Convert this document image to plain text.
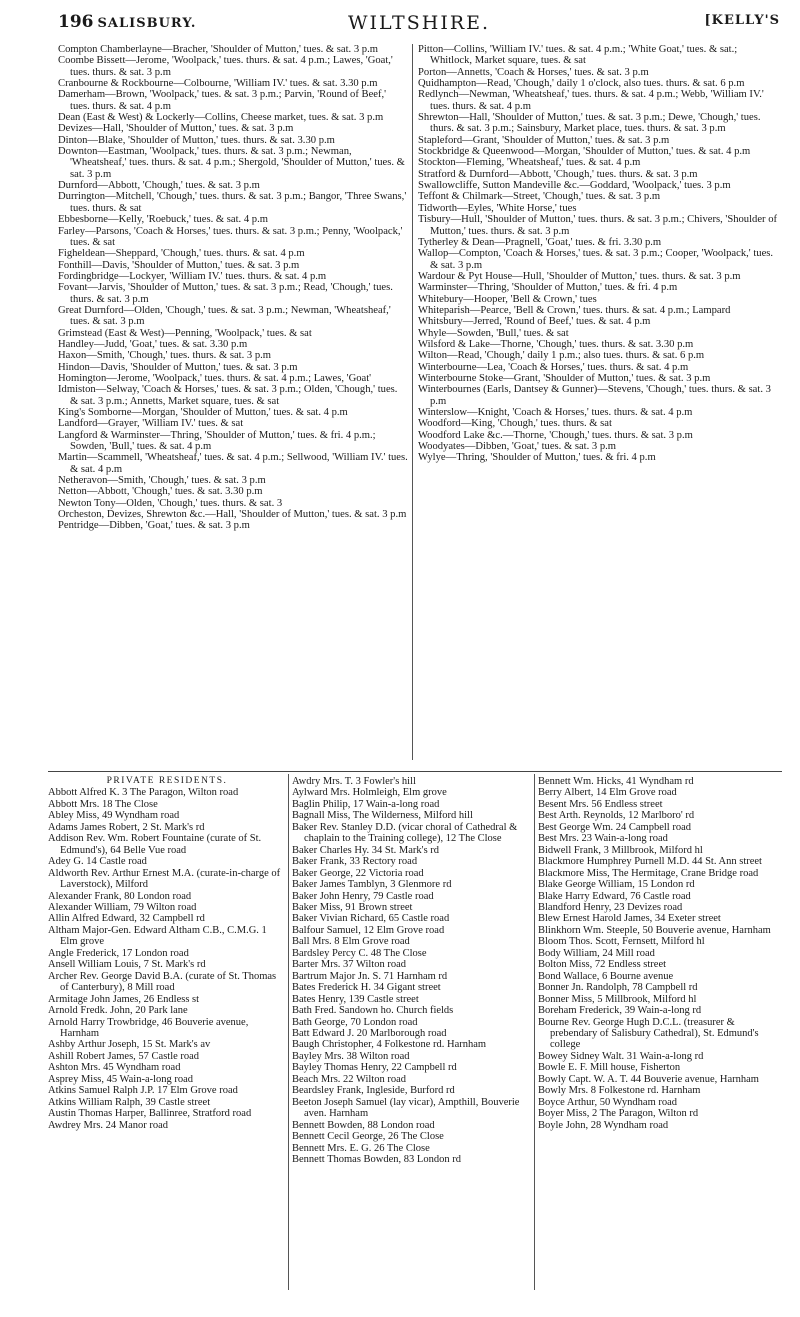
196 SALISBURY.	WILTSHIRE.	[KELLY'S
Compton Chamberlayne—Bracher, 'Shoulder of Mutton,' tues. & sat. 3 p.m
Coombe Bissett—Jerome, 'Woolpack,' tues. thurs. & sat. 4 p.m.; Lawes, 'Goat,' tues. thurs. & sat. 3 p.m
Cranbourne & Rockbourne—Colbourne, 'William IV.' tues. & sat. 3.30 p.m
Damerham—Brown, 'Woolpack,' tues. & sat. 3 p.m.; Parvin, 'Round of Beef,' tues. thurs. & sat. 4 p.m
Dean (East & West) & Lockerly—Collins, Cheese market, tues. & sat. 3 p.m
Devizes—Hall, 'Shoulder of Mutton,' tues. & sat. 3 p.m
Dinton—Blake, 'Shoulder of Mutton,' tues. thurs. & sat. 3.30 p.m
Downton—Eastman, 'Woolpack,' tues. thurs. & sat. 3 p.m.; Newman, 'Wheatsheaf,' tues. thurs. & sat. 4 p.m.; Shergold, 'Shoulder of Mutton,' tues. & sat. 3 p.m
Durnford—Abbott, 'Chough,' tues. & sat. 3 p.m
Durrington—Mitchell, 'Chough,' tues. thurs. & sat. 3 p.m.; Bangor, 'Three Swans,' tues. thurs. & sat
Ebbesborne—Kelly, 'Roebuck,' tues. & sat. 4 p.m
Farley—Parsons, 'Coach & Horses,' tues. thurs. & sat. 3 p.m.; Penny, 'Woolpack,' tues. & sat
Figheldean—Sheppard, 'Chough,' tues. thurs. & sat. 4 p.m
Fonthill—Davis, 'Shoulder of Mutton,' tues. & sat. 3 p.m
Fordingbridge—Lockyer, 'William IV.' tues. thurs. & sat. 4 p.m
Fovant—Jarvis, 'Shoulder of Mutton,' tues. & sat. 3 p.m.; Read, 'Chough,' tues. thurs. & sat. 3 p.m
Great Durnford—Olden, 'Chough,' tues. & sat. 3 p.m.; Newman, 'Wheatsheaf,' tues. & sat. 3 p.m
Grimstead (East & West)—Penning, 'Woolpack,' tues. & sat
Handley—Judd, 'Goat,' tues. & sat. 3.30 p.m
Haxon—Smith, 'Chough,' tues. thurs. & sat. 3 p.m
Hindon—Davis, 'Shoulder of Mutton,' tues. & sat. 3 p.m
Homington—Jerome, 'Woolpack,' tues. thurs. & sat. 4 p.m.; Lawes, 'Goat'
Idmiston—Selway, 'Coach & Horses,' tues. & sat. 3 p.m.; Olden, 'Chough,' tues. & sat. 3 p.m.; Annetts, Market square, tues. & sat
King's Somborne—Morgan, 'Shoulder of Mutton,' tues. & sat. 4 p.m
Landford—Grayer, 'William IV.' tues. & sat
Langford & Warminster—Thring, 'Shoulder of Mutton,' tues. & fri. 4 p.m.; Sowden, 'Bull,' tues. & sat. 4 p.m
Martin—Scammell, 'Wheatsheaf,' tues. & sat. 4 p.m.; Sellwood, 'William IV.' tues. & sat. 4 p.m
Netheravon—Smith, 'Chough,' tues. & sat. 3 p.m
Netton—Abbott, 'Chough,' tues. & sat. 3.30 p.m
Newton Tony—Olden, 'Chough,' tues. thurs. & sat. 3
Orcheston, Devizes, Shrewton &c.—Hall, 'Shoulder of Mutton,' tues. & sat. 3 p.m
Pentridge—Dibben, 'Goat,' tues. & sat. 3 p.m
Pitton—Collins, 'William IV.' tues. & sat. 4 p.m.; 'White Goat,' tues. & sat.; Whitlock, Market square, tues. & sat
Porton—Annetts, 'Coach & Horses,' tues. & sat. 3 p.m
Quidhampton—Read, 'Chough,' daily 1 o'clock, also tues. thurs. & sat. 6 p.m
Redlynch—Newman, 'Wheatsheaf,' tues. thurs. & sat. 4 p.m.; Webb, 'William IV.' tues. thurs. & sat. 4 p.m
Shrewton—Hall, 'Shoulder of Mutton,' tues. & sat. 3 p.m.; Dewe, 'Chough,' tues. thurs. & sat. 3 p.m.; Sainsbury, Market place, tues. thurs. & sat. 3 p.m
Stapleford—Grant, 'Shoulder of Mutton,' tues. & sat. 3 p.m
Stockbridge & Queenwood—Morgan, 'Shoulder of Mutton,' tues. & sat. 4 p.m
Stockton—Fleming, 'Wheatsheaf,' tues. & sat. 4 p.m
Stratford & Durnford—Abbott, 'Chough,' tues. thurs. & sat. 3 p.m
Swallowcliffe, Sutton Mandeville &c.—Goddard, 'Woolpack,' tues. 3 p.m
Teffont & Chilmark—Street, 'Chough,' tues. & sat. 3 p.m
Tidworth—Eyles, 'White Horse,' tues
Tisbury—Hull, 'Shoulder of Mutton,' tues. thurs. & sat. 3 p.m.; Chivers, 'Shoulder of Mutton,' tues. thurs. & sat. 3 p.m
Tytherley & Dean—Pragnell, 'Goat,' tues. & fri. 3.30 p.m
Wallop—Compton, 'Coach & Horses,' tues. & sat. 3 p.m.; Cooper, 'Woolpack,' tues. & sat. 3 p.m
Wardour & Pyt House—Hull, 'Shoulder of Mutton,' tues. thurs. & sat. 3 p.m
Warminster—Thring, 'Shoulder of Mutton,' tues. & fri. 4 p.m
Whitebury—Hooper, 'Bell & Crown,' tues
Whiteparish—Pearce, 'Bell & Crown,' tues. thurs. & sat. 4 p.m.; Lampard
Whitsbury—Jerred, 'Round of Beef,' tues. & sat. 4 p.m
Whyle—Sowden, 'Bull,' tues. & sat
Wilsford & Lake—Thorne, 'Chough,' tues. thurs. & sat. 3.30 p.m
Wilton—Read, 'Chough,' daily 1 p.m.; also tues. thurs. & sat. 6 p.m
Winterbourne—Lea, 'Coach & Horses,' tues. thurs. & sat. 4 p.m
Winterbourne Stoke—Grant, 'Shoulder of Mutton,' tues. & sat. 3 p.m
Winterbournes (Earls, Dantsey & Gunner)—Stevens, 'Chough,' tues. thurs. & sat. 3 p.m
Winterslow—Knight, 'Coach & Horses,' tues. thurs. & sat. 4 p.m
Woodford—King, 'Chough,' tues. thurs. & sat
Woodford Lake &c.—Thorne, 'Chough,' tues. thurs. & sat. 3 p.m
Woodyates—Dibben, 'Goat,' tues. & sat. 3 p.m
Wylye—Thring, 'Shoulder of Mutton,' tues. & fri. 4 p.m
PRIVATE RESIDENTS.
Abbott Alfred K. 3 The Paragon, Wilton road
Abbott Mrs. 18 The Close
Abley Miss, 49 Wyndham road
Adams James Robert, 2 St. Mark's rd
Addison Rev. Wm. Robert Fountaine (curate of St. Edmund's), 64 Belle Vue road
Adey G. 14 Castle road
Aldworth Rev. Arthur Ernest M.A. (curate-in-charge of Laverstock), Milford
Alexander Frank, 80 London road
Alexander William, 79 Wilton road
Allin Alfred Edward, 32 Campbell rd
Altham Major-Gen. Edward Altham C.B., C.M.G. 1 Elm grove
Angle Frederick, 17 London road
Ansell William Louis, 7 St. Mark's rd
Archer Rev. George David B.A. (curate of St. Thomas of Canterbury), 8 Mill road
Armitage John James, 26 Endless st
Arnold Fredk. John, 20 Park lane
Arnold Harry Trowbridge, 46 Bouverie avenue, Harnham
Ashby Arthur Joseph, 15 St. Mark's av
Ashill Robert James, 57 Castle road
Ashton Mrs. 45 Wyndham road
Asprey Miss, 45 Wain-a-long road
Atkins Samuel Ralph J.P. 17 Elm Grove road
Atkins William Ralph, 39 Castle street
Austin Thomas Harper, Ballinree, Stratford road
Awdrey Mrs. 24 Manor road
Awdry Mrs. T. 3 Fowler's hill
Aylward Mrs. Holmleigh, Elm grove
Baglin Philip, 17 Wain-a-long road
Bagnall Miss, The Wilderness, Milford hill
Baker Rev. Stanley D.D. (vicar choral of Cathedral & chaplain to the Training college), 12 The Close
Baker Charles Hy. 34 St. Mark's rd
Baker Frank, 33 Rectory road
Baker George, 22 Victoria road
Baker James Tamblyn, 3 Glenmore rd
Baker John Henry, 79 Castle road
Baker Miss, 91 Brown street
Baker Vivian Richard, 65 Castle road
Balfour Samuel, 12 Elm Grove road
Ball Mrs. 8 Elm Grove road
Bardsley Percy C. 48 The Close
Barter Mrs. 37 Wilton road
Bartrum Major Jn. S. 71 Harnham rd
Bates Frederick H. 34 Gigant street
Bates Henry, 139 Castle street
Bath Fred. Sandown ho. Church fields
Bath George, 70 London road
Batt Edward J. 20 Marlborough road
Baugh Christopher, 4 Folkestone rd. Harnham
Bayley Mrs. 38 Wilton road
Bayley Thomas Henry, 22 Campbell rd
Beach Mrs. 22 Wilton road
Beardsley Frank, Ingleside, Burford rd
Beeton Joseph Samuel (lay vicar), Ampthill, Bouverie aven. Harnham
Bennett Bowden, 88 London road
Bennett Cecil George, 26 The Close
Bennett Mrs. E. G. 26 The Close
Bennett Thomas Bowden, 83 London rd
Bennett Wm. Hicks, 41 Wyndham rd
Berry Albert, 14 Elm Grove road
Besent Mrs. 56 Endless street
Best Arth. Reynolds, 12 Marlboro' rd
Best George Wm. 24 Campbell road
Best Mrs. 23 Wain-a-long road
Bidwell Frank, 3 Millbrook, Milford hl
Blackmore Humphrey Purnell M.D. 44 St. Ann street
Blackmore Miss, The Hermitage, Crane Bridge road
Blake George William, 15 London rd
Blake Harry Edward, 76 Castle road
Blandford Henry, 23 Devizes road
Blew Ernest Harold James, 34 Exeter street
Blinkhorn Wm. Steeple, 50 Bouverie avenue, Harnham
Bloom Thos. Scott, Fernsett, Milford hl
Body William, 24 Mill road
Bolton Miss, 72 Endless street
Bond Wallace, 6 Bourne avenue
Bonner Jn. Randolph, 78 Campbell rd
Bonner Miss, 5 Millbrook, Milford hl
Boreham Frederick, 39 Wain-a-long rd
Bourne Rev. George Hugh D.C.L. (treasurer & prebendary of Salisbury Cathedral), St. Edmund's college
Bowey Sidney Walt. 31 Wain-a-long rd
Bowle E. F. Mill house, Fisherton
Bowly Capt. W. A. T. 44 Bouverie avenue, Harnham
Bowly Mrs. 8 Folkestone rd. Harnham
Boyce Arthur, 50 Wyndham road
Boyer Miss, 2 The Paragon, Wilton rd
Boyle John, 28 Wyndham road
